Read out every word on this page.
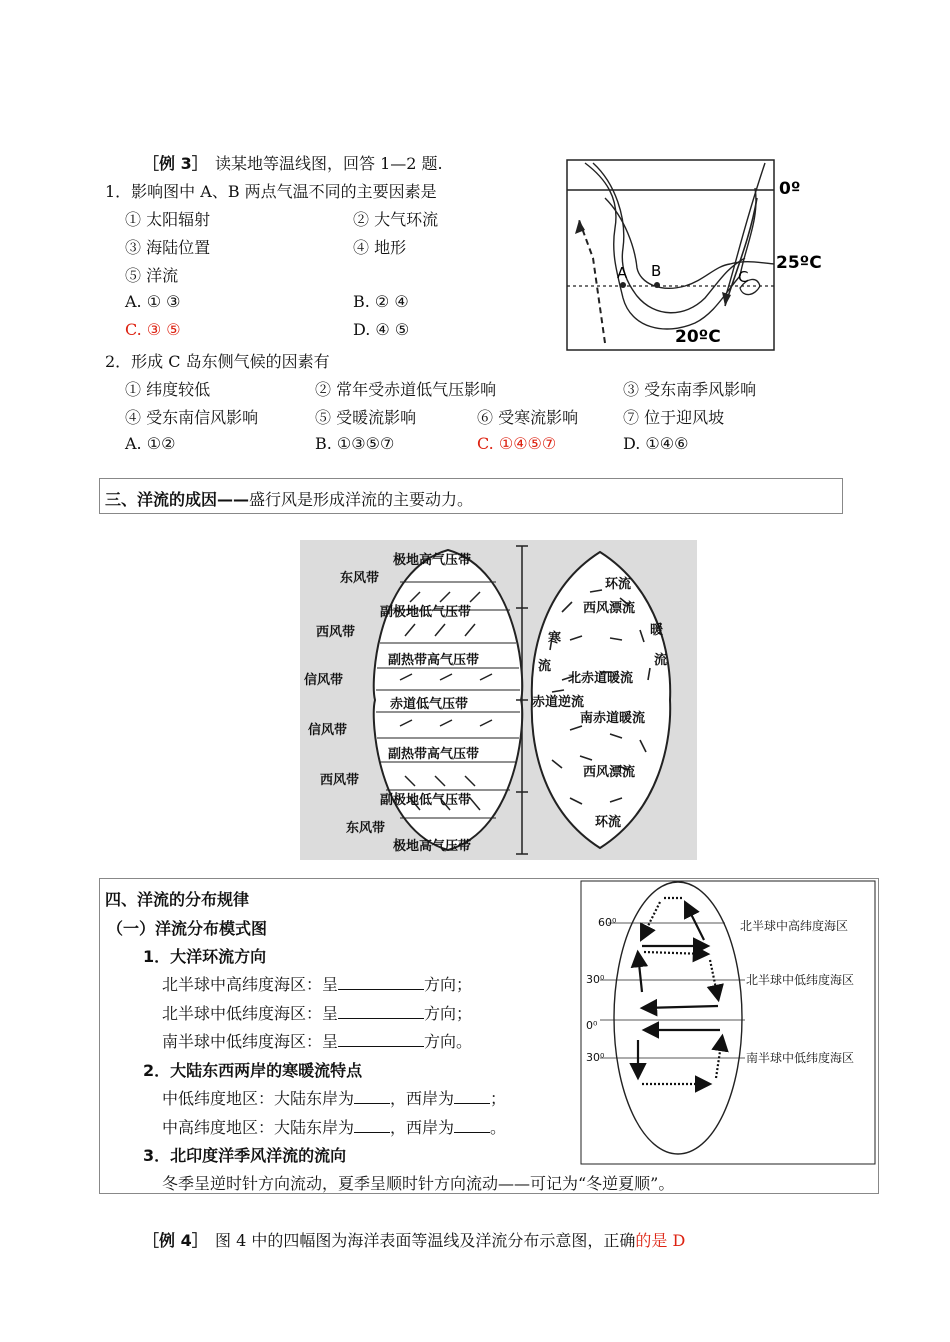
［例 3］ 读某地等温线图，回答 1—2 题.
1．影响图中 A、B 两点气温不同的主要因素是
① 太阳辐射	② 大气环流
③ 海陆位置	④ 地形
⑤ 洋流
A. ① ③	B. ② ④
C. ③ ⑤	D. ④ ⑤
2．形成 C 岛东侧气候的因素有
① 纬度较低	② 常年受赤道低气压影响	③ 受东南季风影响
④ 受东南信风影响	⑤ 受暖流影响	⑥ 受寒流影响	⑦ 位于迎风坡
A. ①②	B. ①③⑤⑦	C. ①④⑤⑦	D. ①④⑥
A B	C
0º
25ºC
20ºC
三、洋流的成因——盛行风是形成洋流的主要动力。
极地高气压带
副极地低气压带
副热带高气压带
赤道低气压带
副热带高气压带
副极地低气压带
极地高气压带
东风带
西风带
信风带
信风带
西风带
东风带
环流
西风漂流
寒
流
暖
流
北赤道暖流
赤道逆流
南赤道暖流
西风漂流
环流
四、洋流的分布规律
（一）洋流分布模式图
1．大洋环流方向
北半球中高纬度海区：呈	方向；
北半球中低纬度海区：呈	方向；
南半球中低纬度海区：呈	方向。
2．大陆东西两岸的寒暖流特点
中低纬度地区：大陆东岸为 ，西岸为 ；
中高纬度地区：大陆东岸为 ，西岸为 。
3．北印度洋季风洋流的流向
冬季呈逆时针方向流动，夏季呈顺时针方向流动——可记为“冬逆夏顺”。
60⁰
30⁰
0⁰
30⁰
北半球中高纬度海区
北半球中低纬度海区
南半球中低纬度海区
［例 4］ 图 4 中的四幅图为海洋表面等温线及洋流分布示意图，正确的是 D
